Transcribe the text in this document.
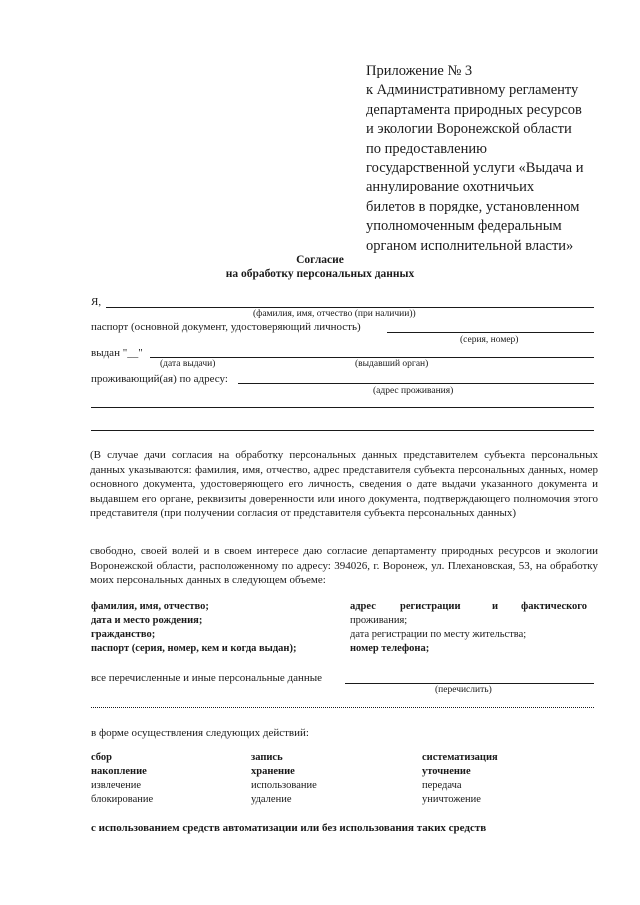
Приложение № 3
к Административному регламенту
департамента природных ресурсов
и экологии Воронежской области
по предоставлению
государственной услуги «Выдача и
аннулирование охотничьих
билетов в порядке, установленном
уполномоченным федеральным
органом исполнительной власти»
Согласие
на обработку персональных данных
Я,
(фамилия, имя, отчество (при наличии))
паспорт (основной документ, удостоверяющий личность)
(серия, номер)
выдан "__"
(дата выдачи)	(выдавший орган)
проживающий(ая) по адресу:
(адрес проживания)
(В случае дачи согласия на обработку персональных данных представителем субъекта персональных данных указываются: фамилия, имя, отчество, адрес представителя субъекта персональных данных, номер основного документа, удостоверяющего его личность, сведения о дате выдачи указанного документа и выдавшем его органе, реквизиты доверенности или иного документа, подтверждающего полномочия этого представителя (при получении согласия от представителя субъекта персональных данных)
свободно, своей волей и в своем интересе даю согласие департаменту природных ресурсов и экологии Воронежской области, расположенному по адресу: 394026, г. Воронеж, ул. Плехановская, 53, на обработку моих персональных данных в следующем объеме:
фамилия, имя, отчество;
дата и место рождения;
гражданство;
паспорт (серия, номер, кем и когда выдан);
адрес регистрации	и фактического
проживания;
дата регистрации по месту жительства;
номер телефона;
все перечисленные и иные персональные данные
(перечислить)
в форме осуществления следующих действий:
сбор	запись	систематизация
накопление	хранение	уточнение
извлечение	использование	передача
блокирование	удаление	уничтожение
с использованием средств автоматизации или без использования таких средств
